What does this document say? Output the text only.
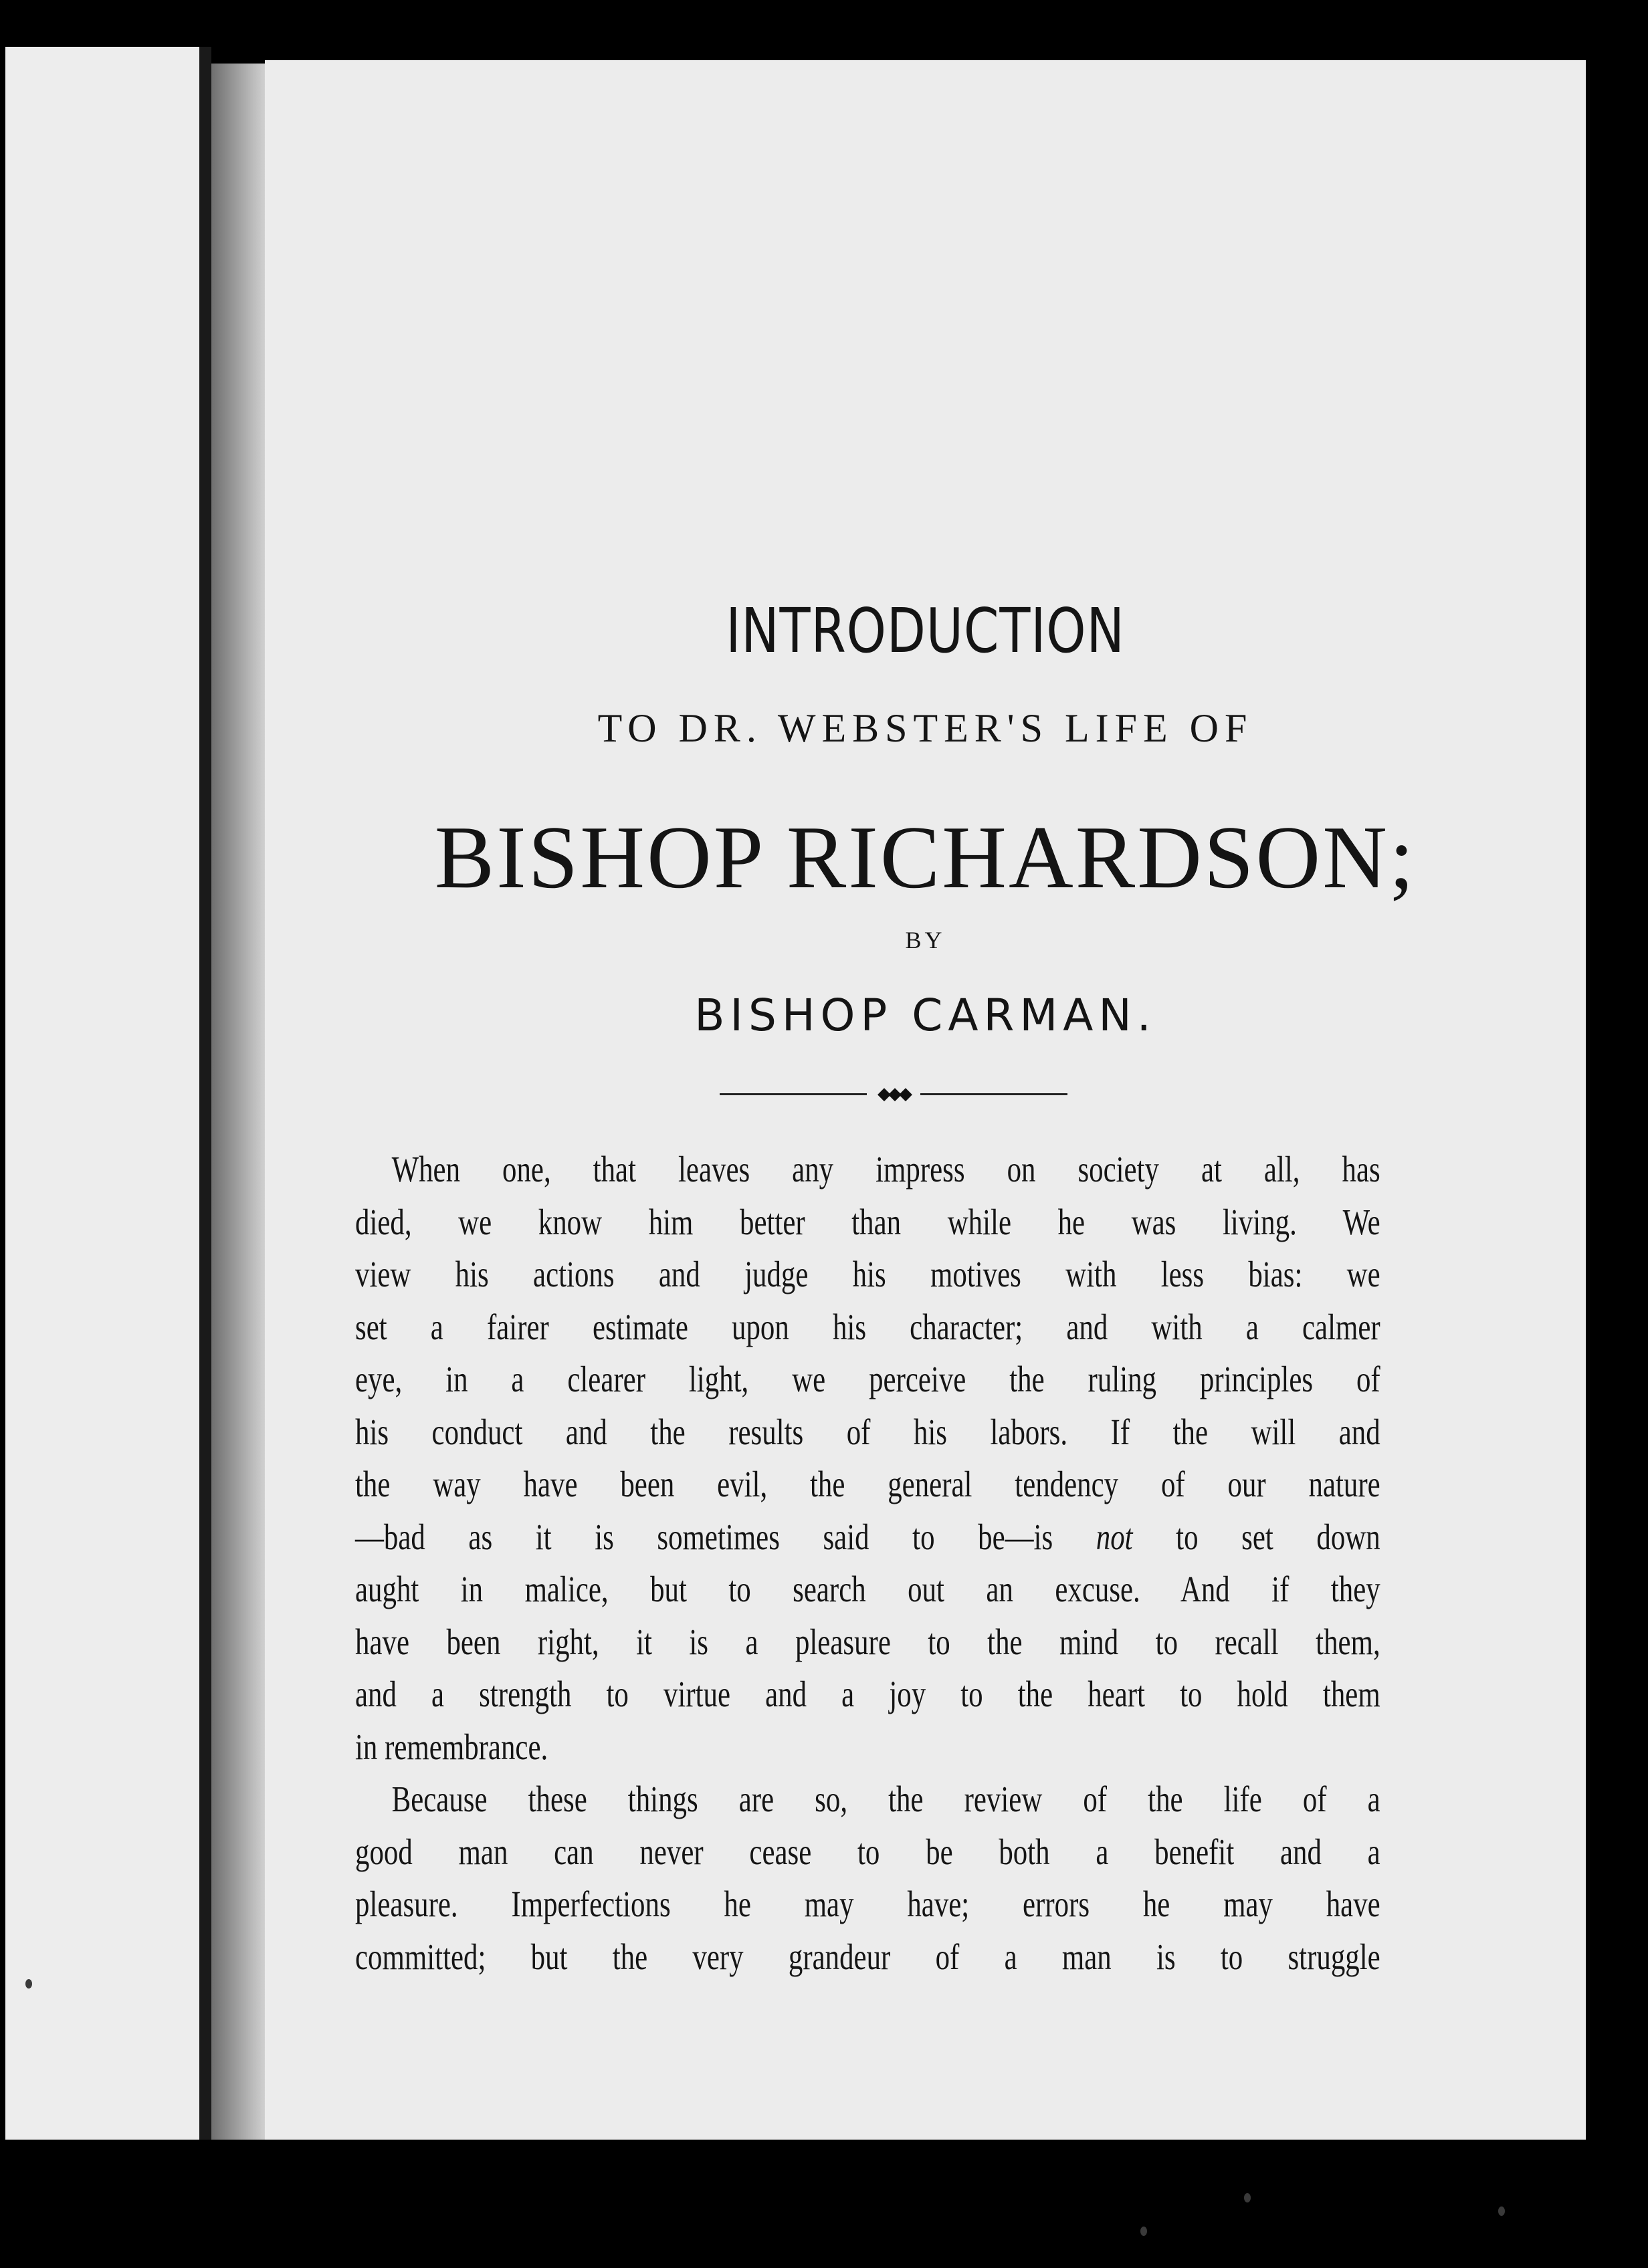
INTRODUCTION
TO DR. WEBSTER'S LIFE OF
BISHOP RICHARDSON;
BY
BISHOP CARMAN.
◆◆◆
When one, that leaves any impress on society at all, has
died, we know him better than while he was living. We
view his actions and judge his motives with less bias: we
set a fairer estimate upon his character; and with a calmer
eye, in a clearer light, we perceive the ruling principles of
his conduct and the results of his labors. If the will and
the way have been evil, the general tendency of our nature
—bad as it is sometimes said to be—is not to set down
aught in malice, but to search out an excuse. And if they
have been right, it is a pleasure to the mind to recall them,
and a strength to virtue and a joy to the heart to hold them
in remembrance.
Because these things are so, the review of the life of a
good man can never cease to be both a benefit and a
pleasure. Imperfections he may have; errors he may have
committed; but the very grandeur of a man is to struggle
